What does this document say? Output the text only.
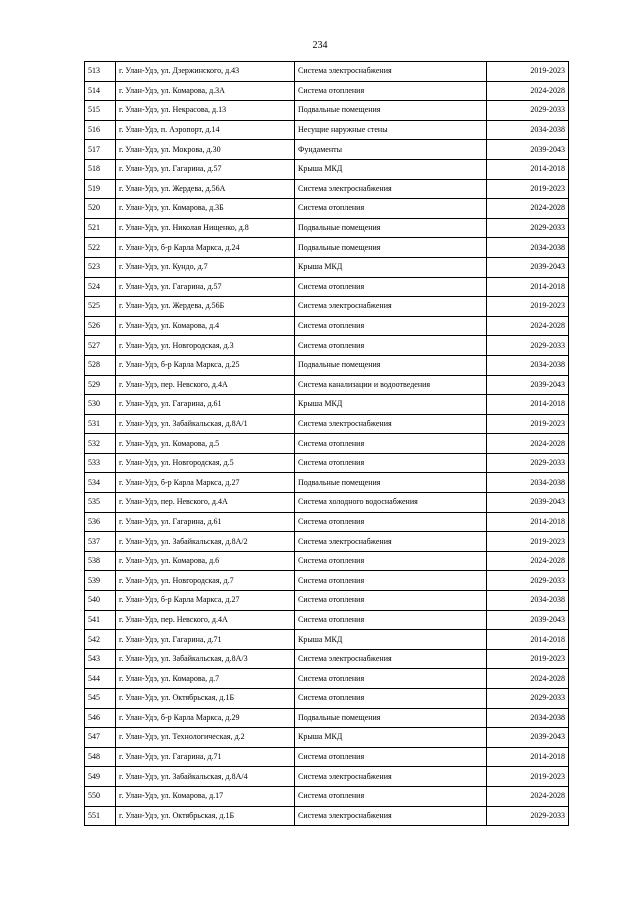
234
513	г. Улан-Удэ, ул. Дзержинского, д.43	Система электроснабжения	2019-2023
514	г. Улан-Удэ, ул. Комарова, д.3А	Система отопления	2024-2028
515	г. Улан-Удэ, ул. Некрасова, д.13	Подвальные помещения	2029-2033
516	г. Улан-Удэ, п. Аэропорт, д.14	Несущие наружные стены	2034-2038
517	г. Улан-Удэ, ул. Мокрова, д.30	Фундаменты	2039-2043
518	г. Улан-Удэ, ул. Гагарина, д.57	Крыша МКД	2014-2018
519	г. Улан-Удэ, ул. Жердева, д.56А	Система электроснабжения	2019-2023
520	г. Улан-Удэ, ул. Комарова, д.3Б	Система отопления	2024-2028
521	г. Улан-Удэ, ул. Николая Нищенко, д.8	Подвальные помещения	2029-2033
522	г. Улан-Удэ, б-р Карла Маркса, д.24	Подвальные помещения	2034-2038
523	г. Улан-Удэ, ул. Кундо, д.7	Крыша МКД	2039-2043
524	г. Улан-Удэ, ул. Гагарина, д.57	Система отопления	2014-2018
525	г. Улан-Удэ, ул. Жердева, д.56Б	Система электроснабжения	2019-2023
526	г. Улан-Удэ, ул. Комарова, д.4	Система отопления	2024-2028
527	г. Улан-Удэ, ул. Новгородская, д.3	Система отопления	2029-2033
528	г. Улан-Удэ, б-р Карла Маркса, д.25	Подвальные помещения	2034-2038
529	г. Улан-Удэ, пер. Невского, д.4А	Система канализации и водоотведения	2039-2043
530	г. Улан-Удэ, ул. Гагарина, д.61	Крыша МКД	2014-2018
531	г. Улан-Удэ, ул. Забайкальская, д.8А/1	Система электроснабжения	2019-2023
532	г. Улан-Удэ, ул. Комарова, д.5	Система отопления	2024-2028
533	г. Улан-Удэ, ул. Новгородская, д.5	Система отопления	2029-2033
534	г. Улан-Удэ, б-р Карла Маркса, д.27	Подвальные помещения	2034-2038
535	г. Улан-Удэ, пер. Невского, д.4А	Система холодного водоснабжения	2039-2043
536	г. Улан-Удэ, ул. Гагарина, д.61	Система отопления	2014-2018
537	г. Улан-Удэ, ул. Забайкальская, д.8А/2	Система электроснабжения	2019-2023
538	г. Улан-Удэ, ул. Комарова, д.6	Система отопления	2024-2028
539	г. Улан-Удэ, ул. Новгородская, д.7	Система отопления	2029-2033
540	г. Улан-Удэ, б-р Карла Маркса, д.27	Система отопления	2034-2038
541	г. Улан-Удэ, пер. Невского, д.4А	Система отопления	2039-2043
542	г. Улан-Удэ, ул. Гагарина, д.71	Крыша МКД	2014-2018
543	г. Улан-Удэ, ул. Забайкальская, д.8А/3	Система электроснабжения	2019-2023
544	г. Улан-Удэ, ул. Комарова, д.7	Система отопления	2024-2028
545	г. Улан-Удэ, ул. Октябрьская, д.1Б	Система отопления	2029-2033
546	г. Улан-Удэ, б-р Карла Маркса, д.29	Подвальные помещения	2034-2038
547	г. Улан-Удэ, ул. Технологическая, д.2	Крыша МКД	2039-2043
548	г. Улан-Удэ, ул. Гагарина, д.71	Система отопления	2014-2018
549	г. Улан-Удэ, ул. Забайкальская, д.8А/4	Система электроснабжения	2019-2023
550	г. Улан-Удэ, ул. Комарова, д.17	Система отопления	2024-2028
551	г. Улан-Удэ, ул. Октябрьская, д.1Б	Система электроснабжения	2029-2033
